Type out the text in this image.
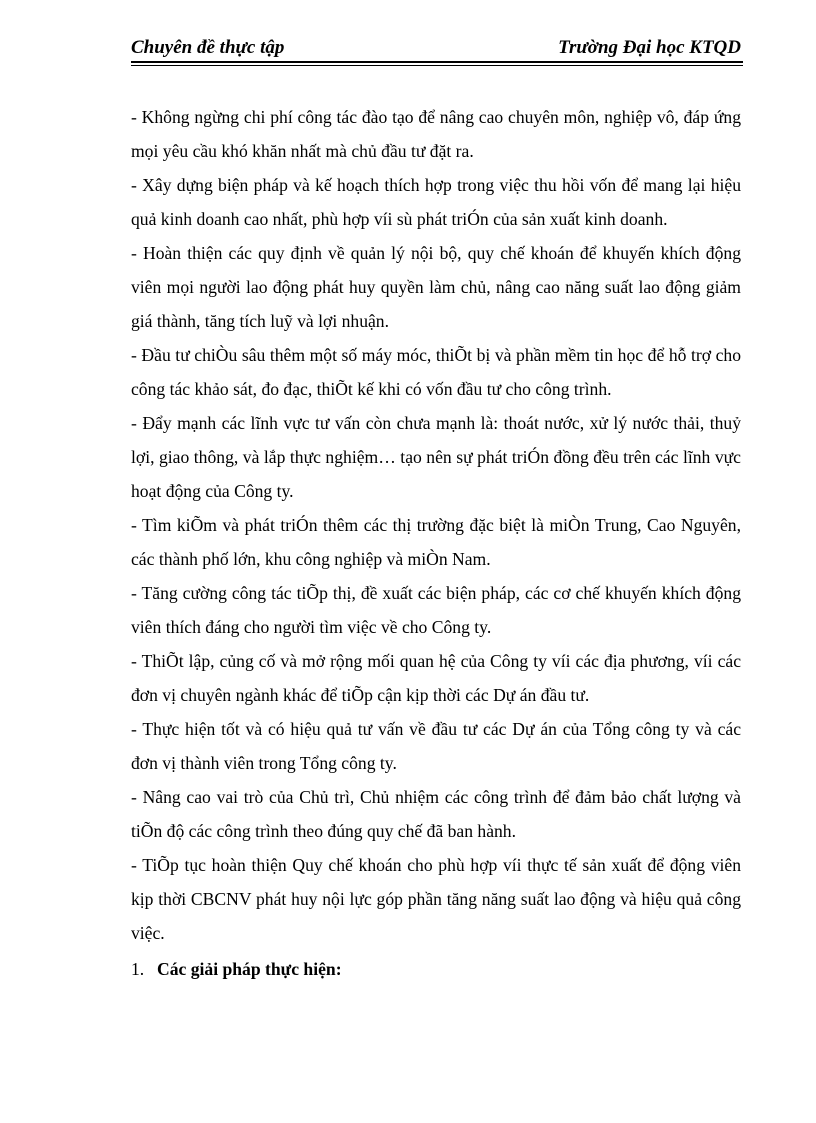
Chuyên đề thực tập	Trường Đại học KTQD

- Không ngừng chi phí công tác đào tạo để nâng cao chuyên môn, nghiệp vô, đáp ứng mọi yêu cầu khó khăn nhất mà chủ đầu tư đặt ra.

- Xây dựng biện pháp và kế hoạch thích hợp trong việc thu hồi vốn để mang lại hiệu quả kinh doanh cao nhất, phù hợp víi sù phát triÓn của sản xuất kinh doanh.

- Hoàn thiện các quy định về quản lý nội bộ, quy chế khoán để khuyến khích động viên mọi người lao động phát huy quyền làm chủ, nâng cao năng suất lao động giảm giá thành, tăng tích luỹ và lợi nhuận.

- Đầu tư chiÒu sâu thêm một số máy móc, thiÕt bị và phần mềm tin học để hỗ trợ cho công tác khảo sát, đo đạc, thiÕt kế khi có vốn đầu tư cho công trình.

- Đẩy mạnh các lĩnh vực tư vấn còn chưa mạnh là: thoát nước, xử lý nước thải, thuỷ lợi, giao thông, và lắp thực nghiệm… tạo nên sự phát triÓn đồng đều trên các lĩnh vực hoạt động của Công ty.

- Tìm kiÕm và phát triÓn thêm các thị trường đặc biệt là miÒn Trung, Cao Nguyên, các thành phố lớn, khu công nghiệp và miÒn Nam.

- Tăng cường công tác tiÕp thị, đề xuất các biện pháp, các cơ chế khuyến khích động viên thích đáng cho người tìm việc về cho Công ty.

- ThiÕt lập, củng cố và mở rộng mối quan hệ của Công ty víi các địa phương, víi các đơn vị chuyên ngành khác để tiÕp cận kịp thời các Dự án đầu tư.

- Thực hiện tốt và có hiệu quả tư vấn về đầu tư các Dự án của Tổng công ty và các đơn vị thành viên trong Tổng công ty.

- Nâng cao vai trò của Chủ trì, Chủ nhiệm các công trình để đảm bảo chất lượng và tiÕn độ các công trình theo đúng quy chế đã ban hành.

- TiÕp tục hoàn thiện Quy chế khoán cho phù hợp víi thực tế sản xuất để động viên kịp thời CBCNV phát huy nội lực góp phần tăng năng suất lao động và hiệu quả công việc.

1. Các giải pháp thực hiện:
